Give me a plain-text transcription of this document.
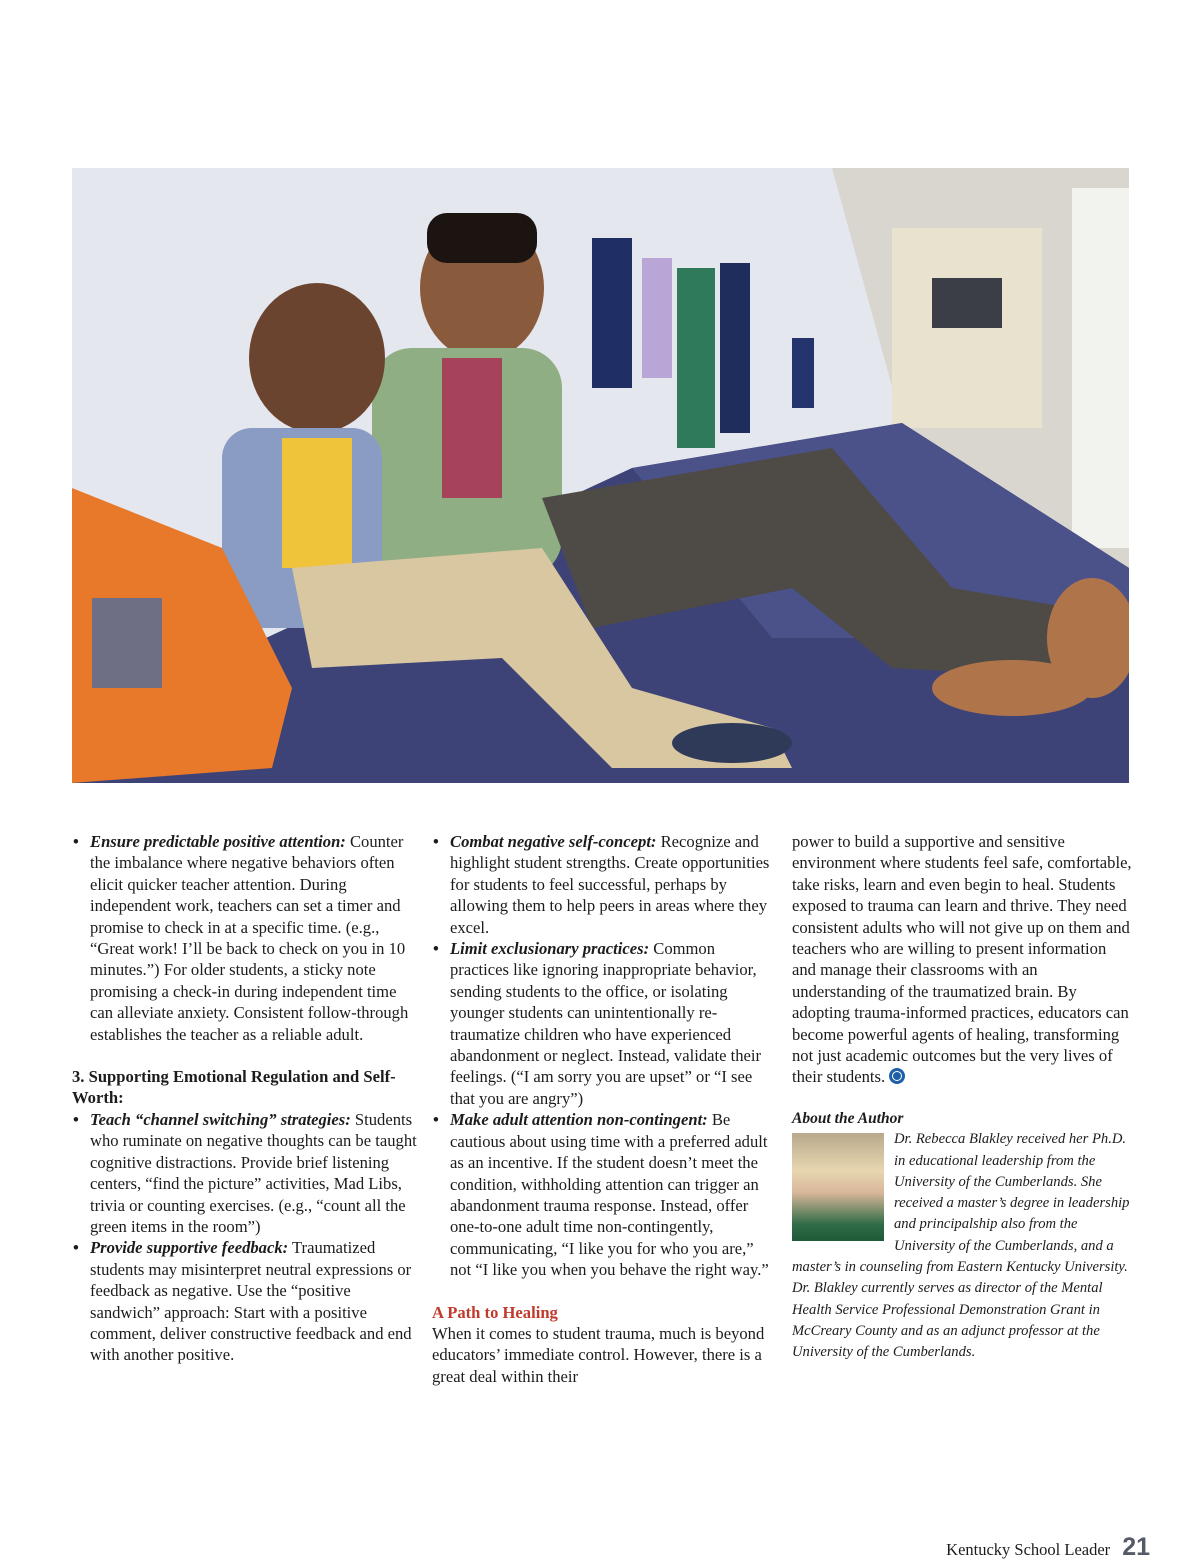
• Ensure predictable positive attention: Counter the imbalance where negative behaviors often elicit quicker teacher attention. During independent work, teachers can set a timer and promise to check in at a specific time. (e.g., “Great work! I’ll be back to check on you in 10 minutes.”) For older students, a sticky note promising a check-in during independent time can alleviate anxiety. Consistent follow-through establishes the teacher as a reliable adult.

3. Supporting Emotional Regulation and Self-Worth:

• Teach “channel switching” strategies: Students who ruminate on negative thoughts can be taught cognitive distractions. Provide brief listening centers, “find the picture” activities, Mad Libs, trivia or counting exercises. (e.g., “count all the green items in the room”)
• Provide supportive feedback: Traumatized students may misinterpret neutral expressions or feedback as negative. Use the “positive sandwich” approach: Start with a positive comment, deliver constructive feedback and end with another positive.
• Combat negative self-concept: Recognize and highlight student strengths. Create opportunities for students to feel successful, perhaps by allowing them to help peers in areas where they excel.
• Limit exclusionary practices: Common practices like ignoring inappropriate behavior, sending students to the office, or isolating younger students can unintentionally re-traumatize children who have experienced abandonment or neglect. Instead, validate their feelings. (“I am sorry you are upset” or “I see that you are angry”)
• Make adult attention non-contingent: Be cautious about using time with a preferred adult as an incentive. If the student doesn’t meet the condition, withholding attention can trigger an abandonment trauma response. Instead, offer one-to-one adult time non-contingently, communicating, “I like you for who you are,” not “I like you when you behave the right way.”

A Path to Healing

When it comes to student trauma, much is beyond educators’ immediate control. However, there is a great deal within their

power to build a supportive and sensitive environment where students feel safe, comfortable, take risks, learn and even begin to heal. Students exposed to trauma can learn and thrive. They need consistent adults who will not give up on them and teachers who are willing to present information and manage their classrooms with an understanding of the traumatized brain. By adopting trauma-informed practices, educators can become powerful agents of healing, transforming not just academic outcomes but the very lives of their students.

About the Author

Dr. Rebecca Blakley received her Ph.D. in educational leadership from the University of the Cumberlands. She received a master’s degree in leadership and principalship also from the University of the Cumberlands, and a master’s in counseling from Eastern Kentucky University. Dr. Blakley currently serves as director of the Mental Health Service Professional Demonstration Grant in McCreary County and as an adjunct professor at the University of the Cumberlands.

Kentucky School Leader 21
